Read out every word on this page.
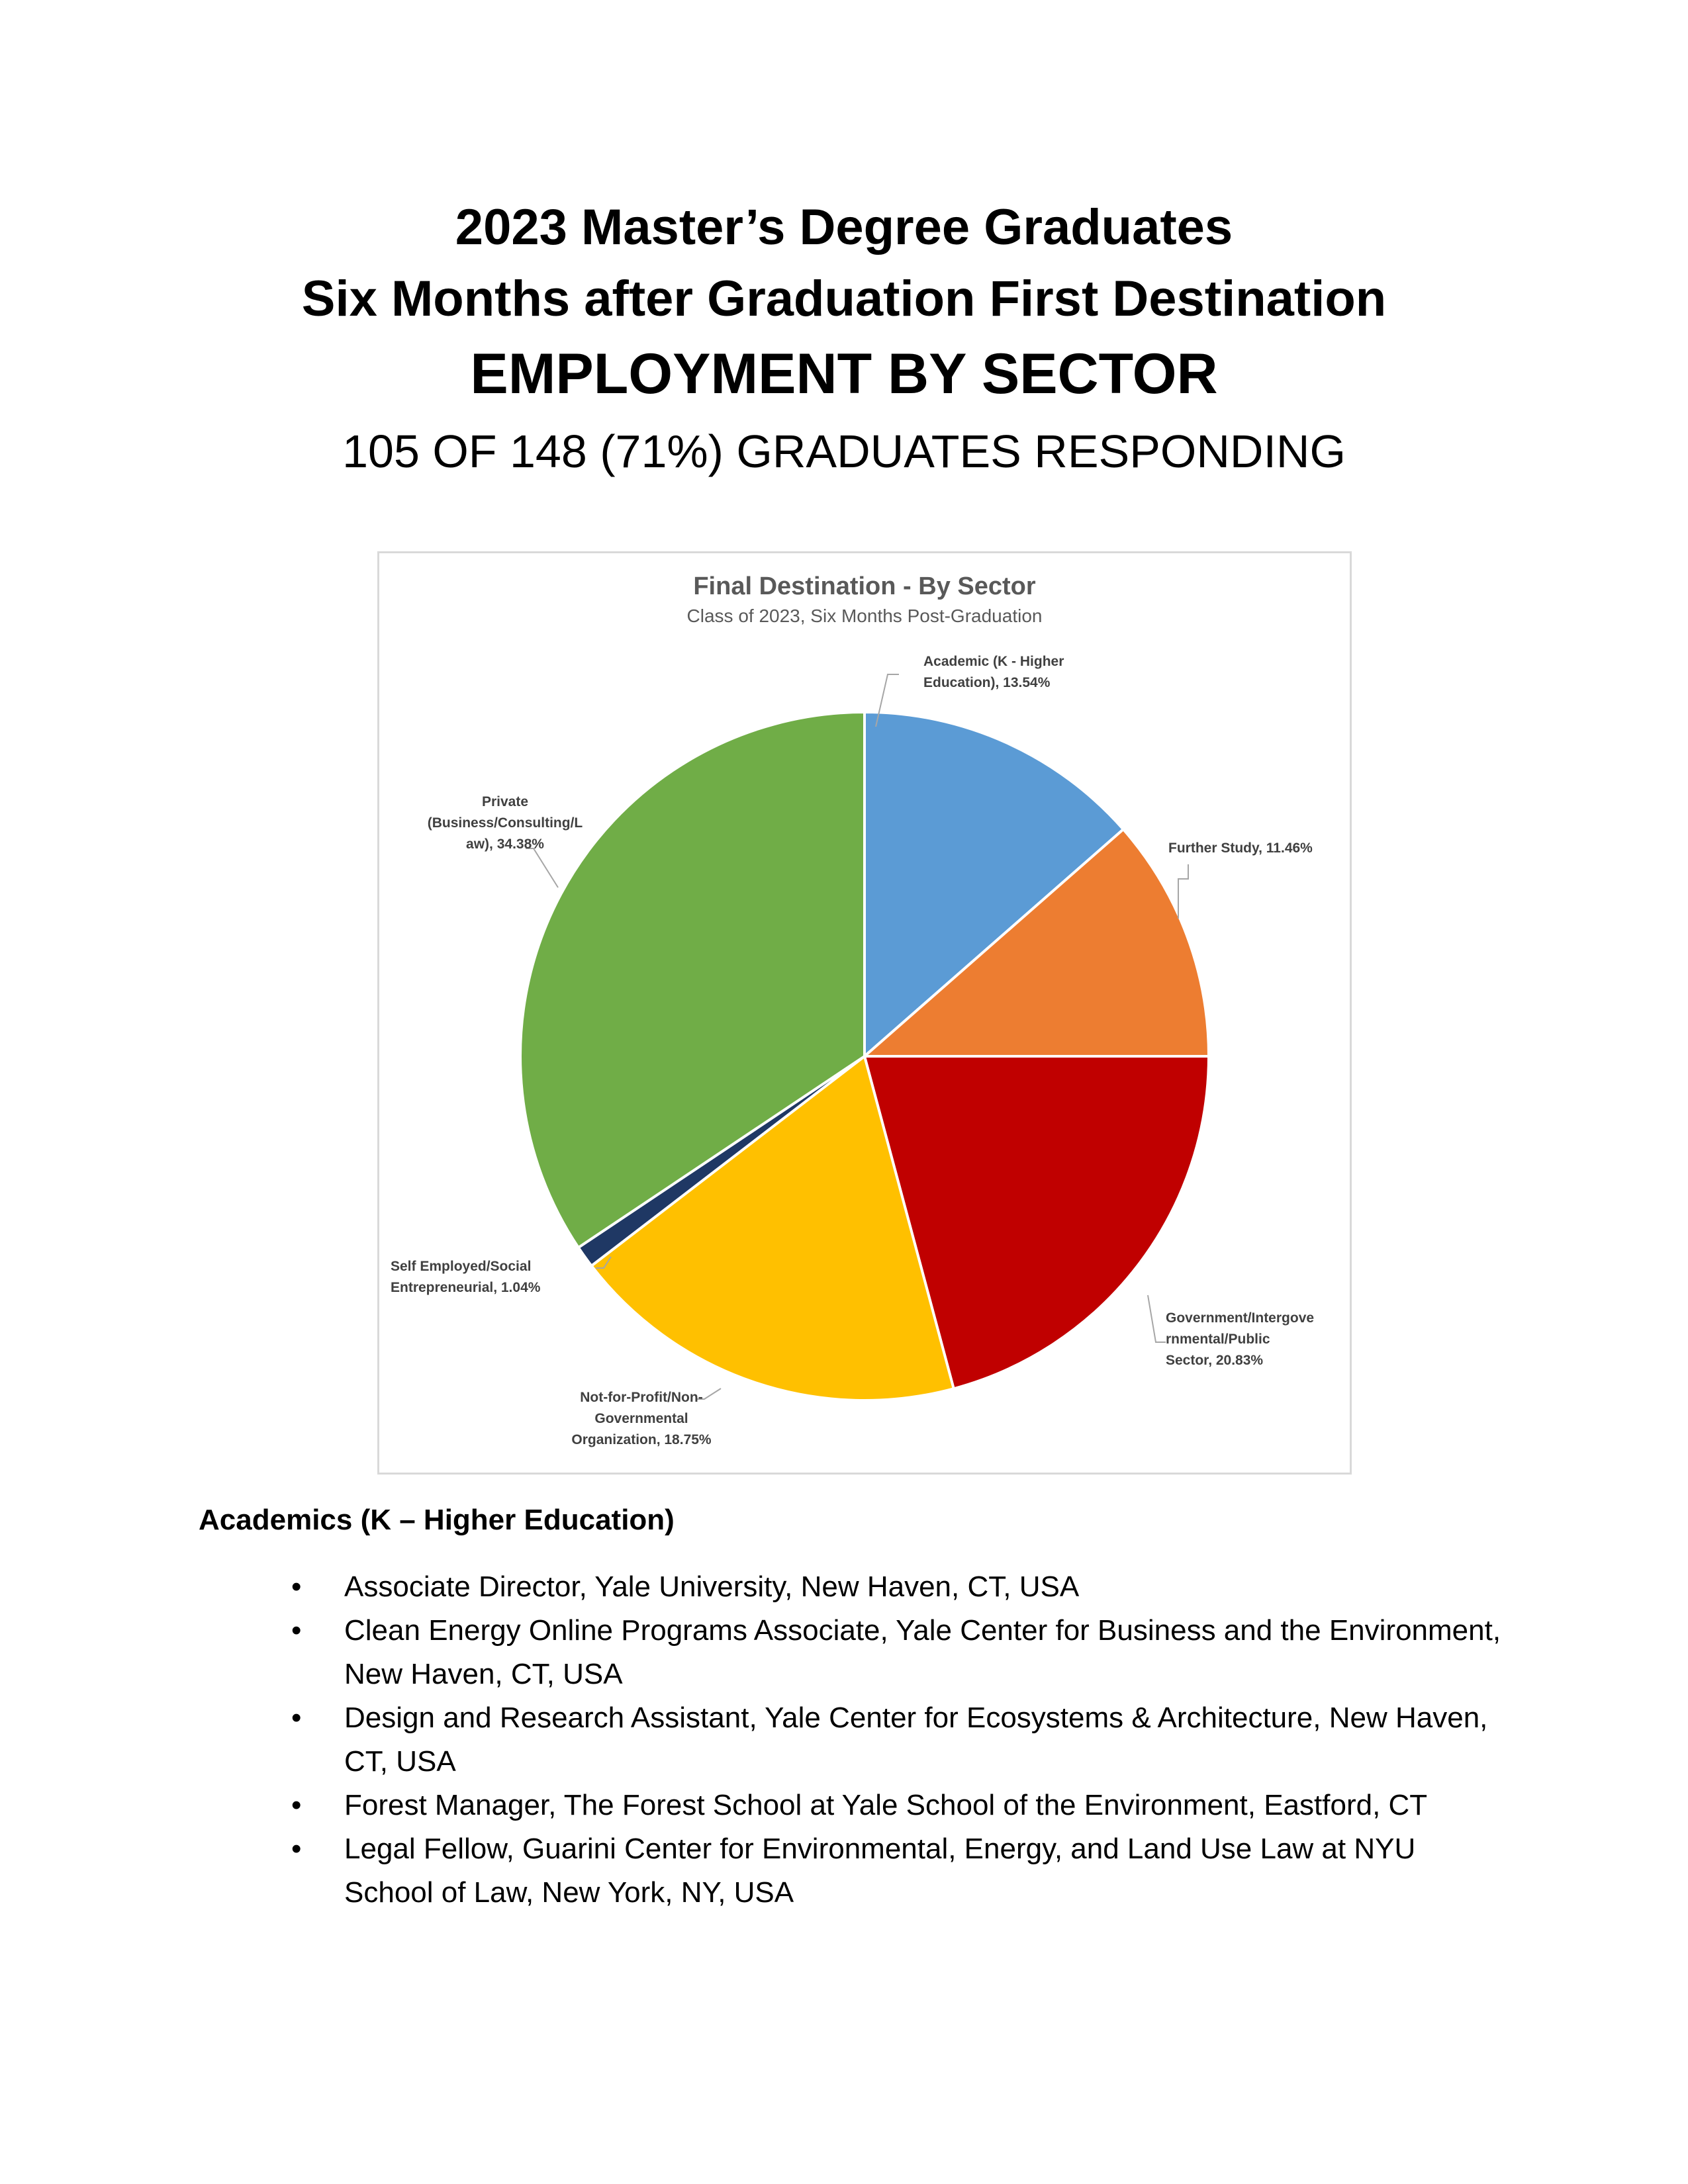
2023 Master’s Degree Graduates
Six Months after Graduation First Destination
EMPLOYMENT BY SECTOR
105 OF 148 (71%) GRADUATES RESPONDING
Final Destination - By Sector
Class of 2023, Six Months Post-Graduation
Academic (K - Higher Education), 13.54%
Further Study, 11.46%
Government/Intergove rnmental/Public Sector, 20.83%
Not-for-Profit/Non-Governmental Organization, 18.75%
Self Employed/Social Entrepreneurial, 1.04%
Private (Business/Consulting/L aw), 34.38%
Academics (K – Higher Education)
• Associate Director, Yale University, New Haven, CT, USA
• Clean Energy Online Programs Associate, Yale Center for Business and the Environment, New Haven, CT, USA
• Design and Research Assistant, Yale Center for Ecosystems & Architecture, New Haven, CT, USA
• Forest Manager, The Forest School at Yale School of the Environment, Eastford, CT
• Legal Fellow, Guarini Center for Environmental, Energy, and Land Use Law at NYU School of Law, New York, NY, USA
